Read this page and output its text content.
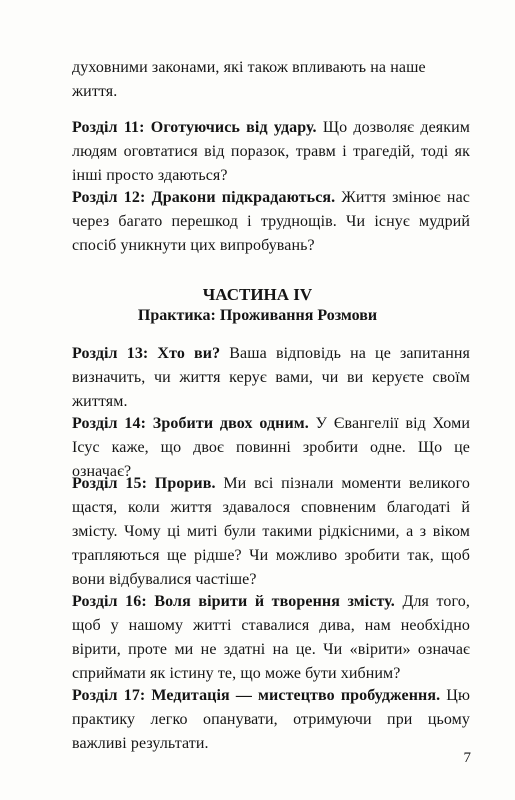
духовними законами, які також впливають на наше
життя.
Розділ 11: Оготуючись від удару. Що дозволяє деяким людям оговтатися від поразок, травм і трагедій, тоді як інші просто здаються?
Розділ 12: Дракони підкрадаються. Життя змінює нас через багато перешкод і труднощів. Чи існує мудрий спосіб уникнути цих випробувань?
ЧАСТИНА IV
Практика: Проживання Розмови
Розділ 13: Хто ви? Ваша відповідь на це запитання визначить, чи життя керує вами, чи ви керуєте своїм життям.
Розділ 14: Зробити двох одним. У Євангелії від Хоми Ісус каже, що двоє повинні зробити одне. Що це означає?
Розділ 15: Прорив. Ми всі пізнали моменти великого щастя, коли життя здавалося сповненим благодаті й змісту. Чому ці миті були такими рідкісними, а з віком трапляються ще рідше? Чи можливо зробити так, щоб вони відбувалися частіше?
Розділ 16: Воля вірити й творення змісту. Для того, щоб у нашому житті ставалися дива, нам необхідно вірити, проте ми не здатні на це. Чи «вірити» означає сприймати як істину те, що може бути хибним?
Розділ 17: Медитація — мистецтво пробудження. Цю практику легко опанувати, отримуючи при цьому важливі результати.
7
